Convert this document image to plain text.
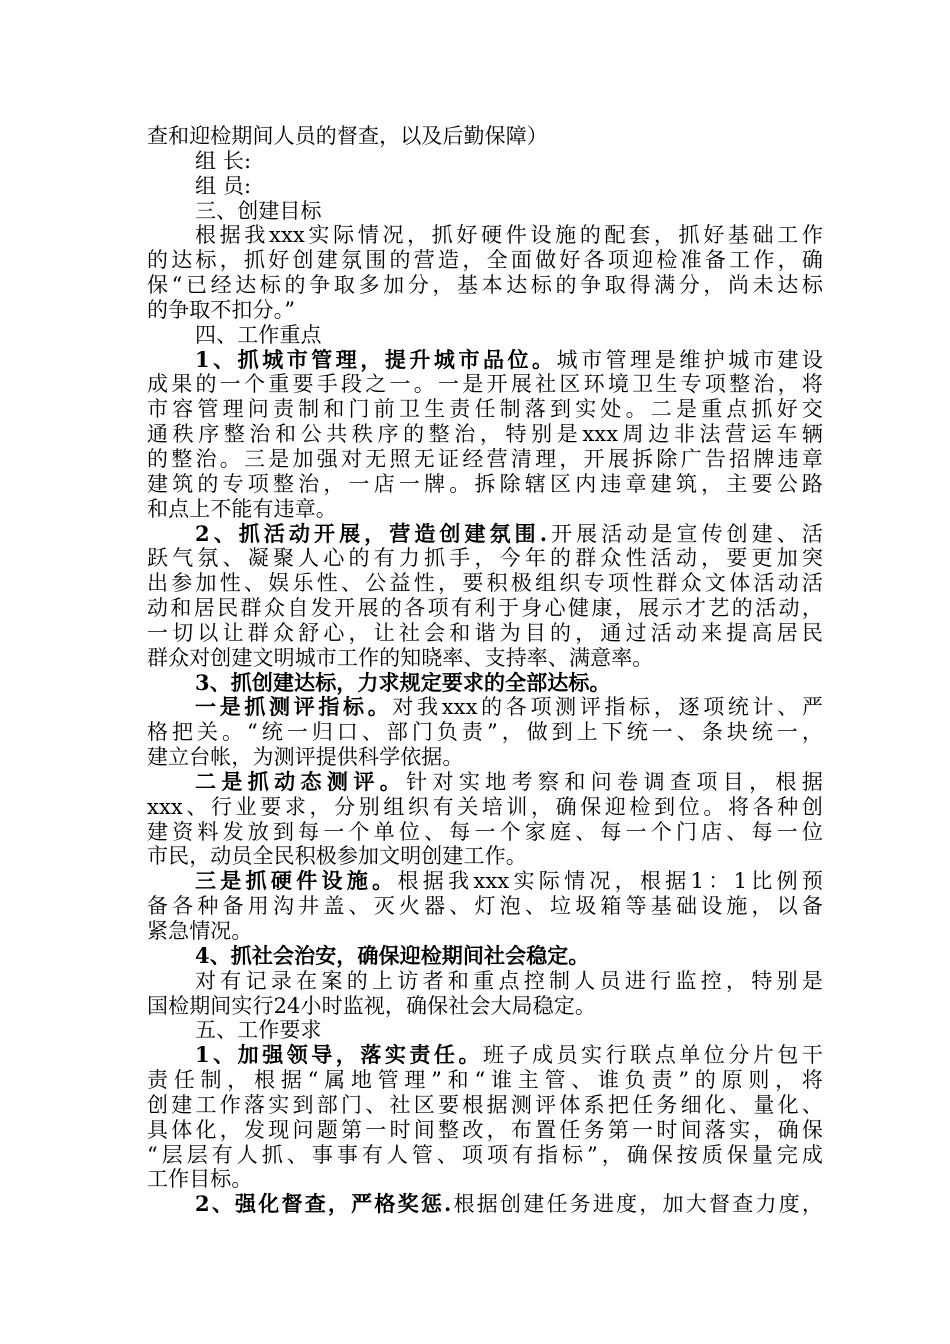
查和迎检期间人员的督查，以及后勤保障）
组 长:
组 员:
三、创建目标
根据我xxx实际情况，抓好硬件设施的配套，抓好基础工作
的达标，抓好创建氛围的营造，全面做好各项迎检准备工作，确
保“已经达标的争取多加分，基本达标的争取得满分，尚未达标
的争取不扣分。”
四、工作重点
1、抓城市管理，提升城市品位。城市管理是维护城市建设
成果的一个重要手段之一。一是开展社区环境卫生专项整治，将
市容管理问责制和门前卫生责任制落到实处。二是重点抓好交
通秩序整治和公共秩序的整治，特别是xxx周边非法营运车辆
的整治。三是加强对无照无证经营清理，开展拆除广告招牌违章
建筑的专项整治，一店一牌。拆除辖区内违章建筑，主要公路
和点上不能有违章。
2、抓活动开展，营造创建氛围.开展活动是宣传创建、活
跃气氛、凝聚人心的有力抓手，今年的群众性活动，要更加突
出参加性、娱乐性、公益性，要积极组织专项性群众文体活动活
动和居民群众自发开展的各项有利于身心健康，展示才艺的活动，
一切以让群众舒心，让社会和谐为目的，通过活动来提高居民
群众对创建文明城市工作的知晓率、支持率、满意率。
3、抓创建达标，力求规定要求的全部达标。
一是抓测评指标。对我xxx的各项测评指标，逐项统计、严
格把关。“统一归口、部门负责”，做到上下统一、条块统一，
建立台帐，为测评提供科学依据。
二是抓动态测评。针对实地考察和问卷调查项目，根据
xxx、行业要求，分别组织有关培训，确保迎检到位。将各种创
建资料发放到每一个单位、每一个家庭、每一个门店、每一位
市民，动员全民积极参加文明创建工作。
三是抓硬件设施。根据我xxx实际情况，根据1：1比例预
备各种备用沟井盖、灭火器、灯泡、垃圾箱等基础设施，以备
紧急情况。
4、抓社会治安，确保迎检期间社会稳定。
对有记录在案的上访者和重点控制人员进行监控，特别是
国检期间实行24小时监视，确保社会大局稳定。
五、工作要求
1、加强领导，落实责任。班子成员实行联点单位分片包干
责任制，根据“属地管理”和“谁主管、谁负责”的原则，将
创建工作落实到部门、社区要根据测评体系把任务细化、量化、
具体化，发现问题第一时间整改，布置任务第一时间落实，确保
“层层有人抓、事事有人管、项项有指标”，确保按质保量完成
工作目标。
2、强化督查，严格奖惩.根据创建任务进度，加大督查力度，
